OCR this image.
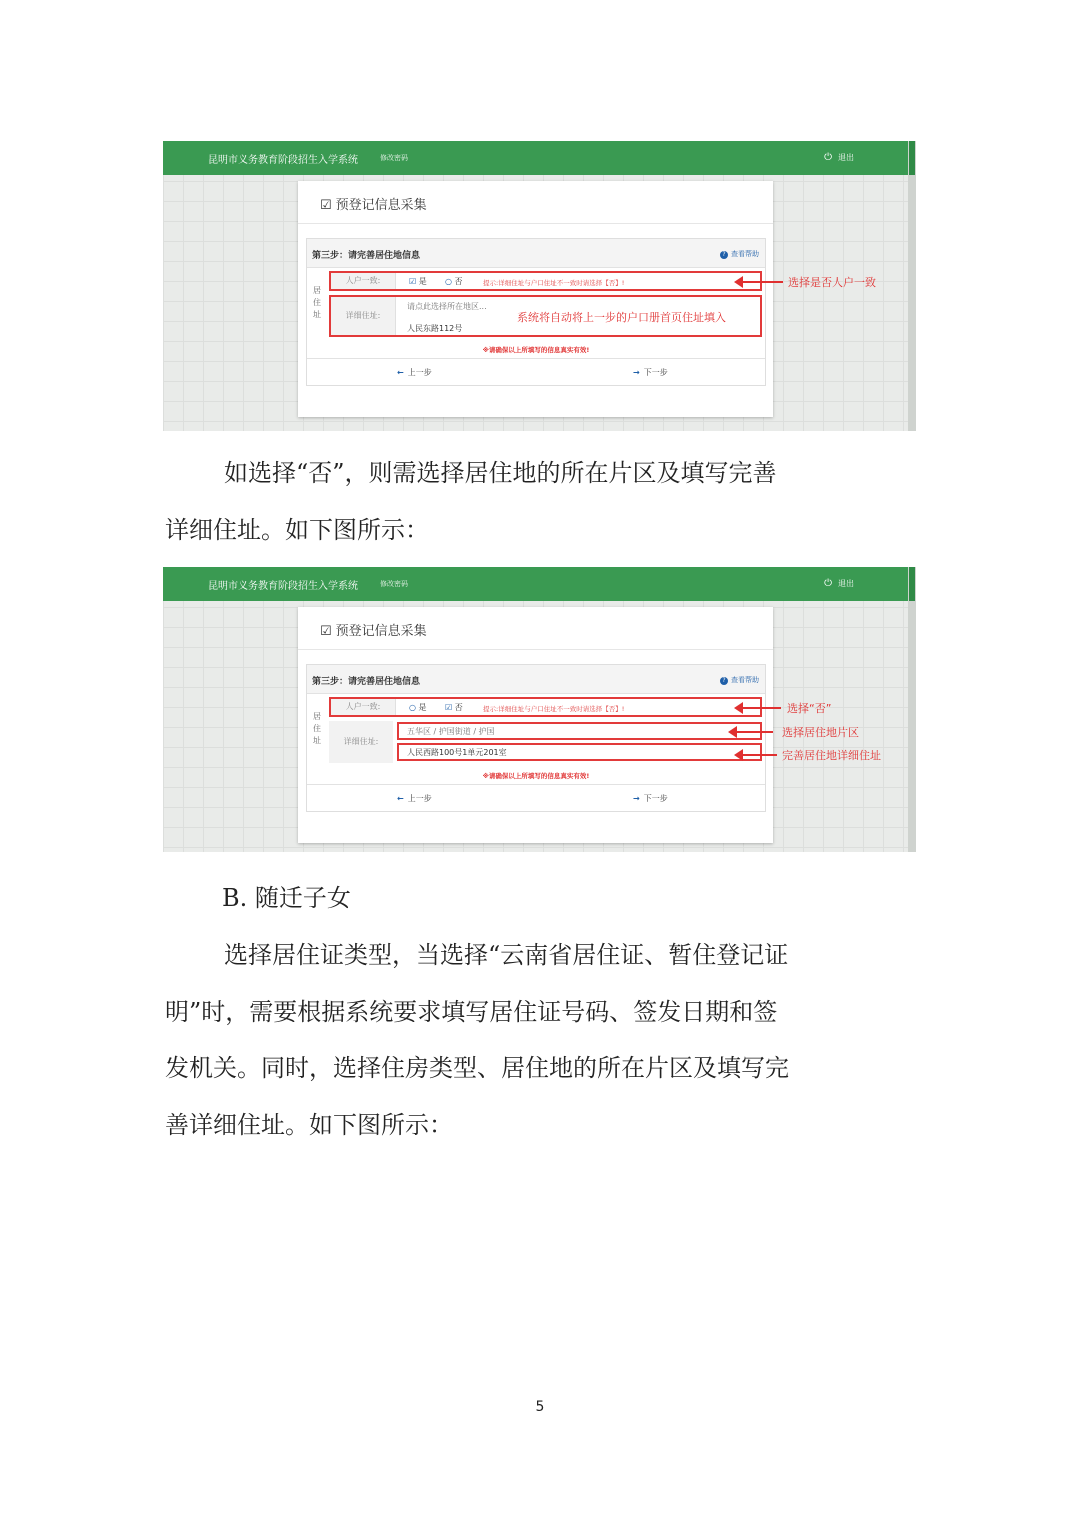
昆明市义务教育阶段招生入学系统	修改密码	⏻ 退出
☑ 预登记信息采集
第三步：请完善居住地信息	? 查看帮助
居住址
人户一致:	☑ 是 ○ 否	提示:详细住址与户口住址不一致时请选择【否】!
详细住址:
请点此选择所在地区...
人民东路112号
系统将自动将上一步的户口册首页住址填入
※请确保以上所填写的信息真实有效!
← 上一步	→ 下一步
选择是否人户一致
如选择“否”，则需选择居住地的所在片区及填写完善
详细住址。如下图所示：
昆明市义务教育阶段招生入学系统	修改密码	⏻ 退出
☑ 预登记信息采集
第三步：请完善居住地信息	? 查看帮助
居住址
人户一致:	○ 是 ☑ 否	提示:详细住址与户口住址不一致时请选择【否】!
详细住址:
五华区 / 护国街道 / 护国
人民西路100号1单元201室
※请确保以上所填写的信息真实有效!
← 上一步	→ 下一步
选择“否”
选择居住地片区
完善居住地详细住址
B. 随迁子女
选择居住证类型，当选择“云南省居住证、暂住登记证
明”时，需要根据系统要求填写居住证号码、签发日期和签
发机关。同时，选择住房类型、居住地的所在片区及填写完
善详细住址。如下图所示：
5
